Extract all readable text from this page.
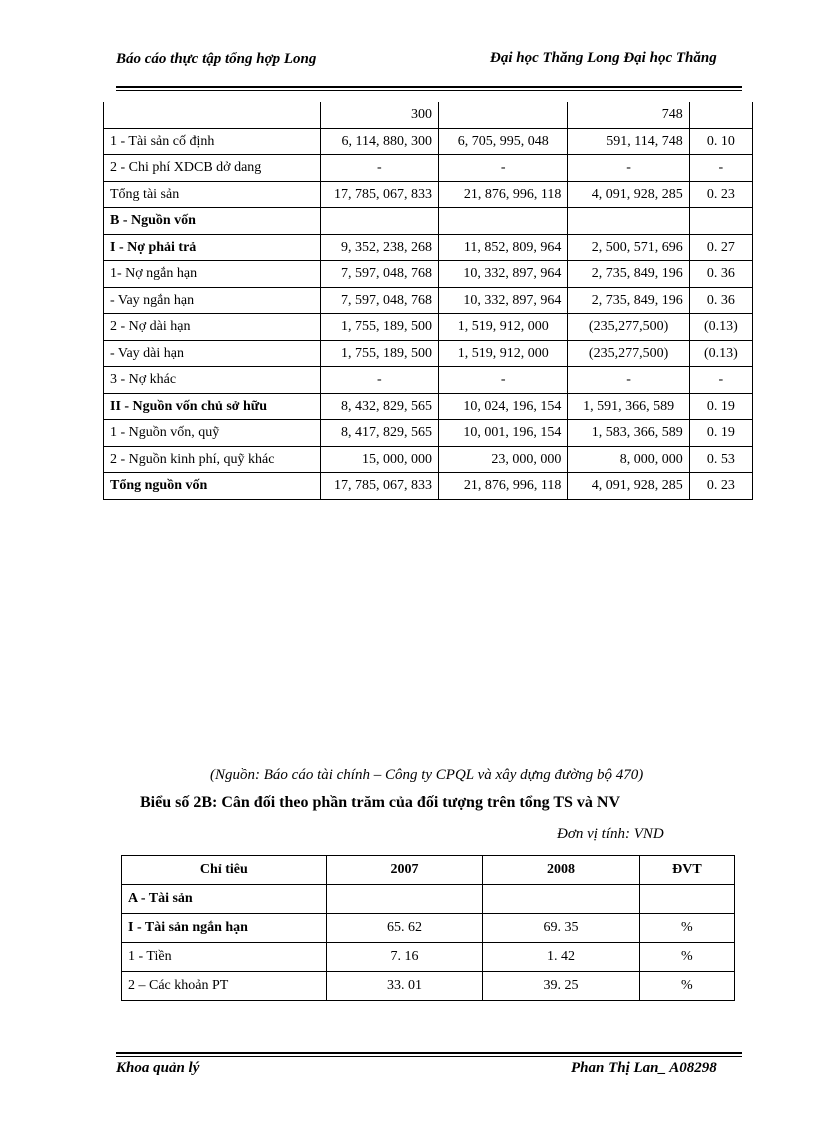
Báo cáo thực tập tổng hợp Long	Đại học Thăng Long Đại học Thăng
	300		748	
1 - Tài sản cố định	6, 114, 880, 300	6, 705, 995, 048	591, 114, 748	0. 10
2 - Chi phí XDCB dở dang	-	-	-	-
Tổng tài sản	17, 785, 067, 833	21, 876, 996, 118	4, 091, 928, 285	0. 23
B - Nguồn vốn				
I - Nợ phải trả	9, 352, 238, 268	11, 852, 809, 964	2, 500, 571, 696	0. 27
1- Nợ ngắn hạn	7, 597, 048, 768	10, 332, 897, 964	2, 735, 849, 196	0. 36
- Vay ngắn hạn	7, 597, 048, 768	10, 332, 897, 964	2, 735, 849, 196	0. 36
2 - Nợ dài hạn	1, 755, 189, 500	1, 519, 912, 000	(235,277,500)	(0.13)
- Vay dài hạn	1, 755, 189, 500	1, 519, 912, 000	(235,277,500)	(0.13)
3 - Nợ khác	-	-	-	-
II - Nguồn vốn chủ sở hữu	8, 432, 829, 565	10, 024, 196, 154	1, 591, 366, 589	0. 19
1 - Nguồn vốn, quỹ	8, 417, 829, 565	10, 001, 196, 154	1, 583, 366, 589	0. 19
2 - Nguồn kinh phí, quỹ khác	15, 000, 000	23, 000, 000	8, 000, 000	0. 53
Tổng nguồn vốn	17, 785, 067, 833	21, 876, 996, 118	4, 091, 928, 285	0. 23
(Nguồn: Báo cáo tài chính – Công ty CPQL và xây dựng đường bộ 470)
Biểu số 2B: Cân đối theo phần trăm của đối tượng trên tổng TS và NV
Đơn vị tính: VND
Chỉ tiêu	2007	2008	ĐVT
A - Tài sản			
I - Tài sản ngắn hạn	65. 62	69. 35	%
1 - Tiền	7. 16	1. 42	%
2 – Các khoản PT	33. 01	39. 25	%
Khoa quản lý	Phan Thị Lan_ A08298
